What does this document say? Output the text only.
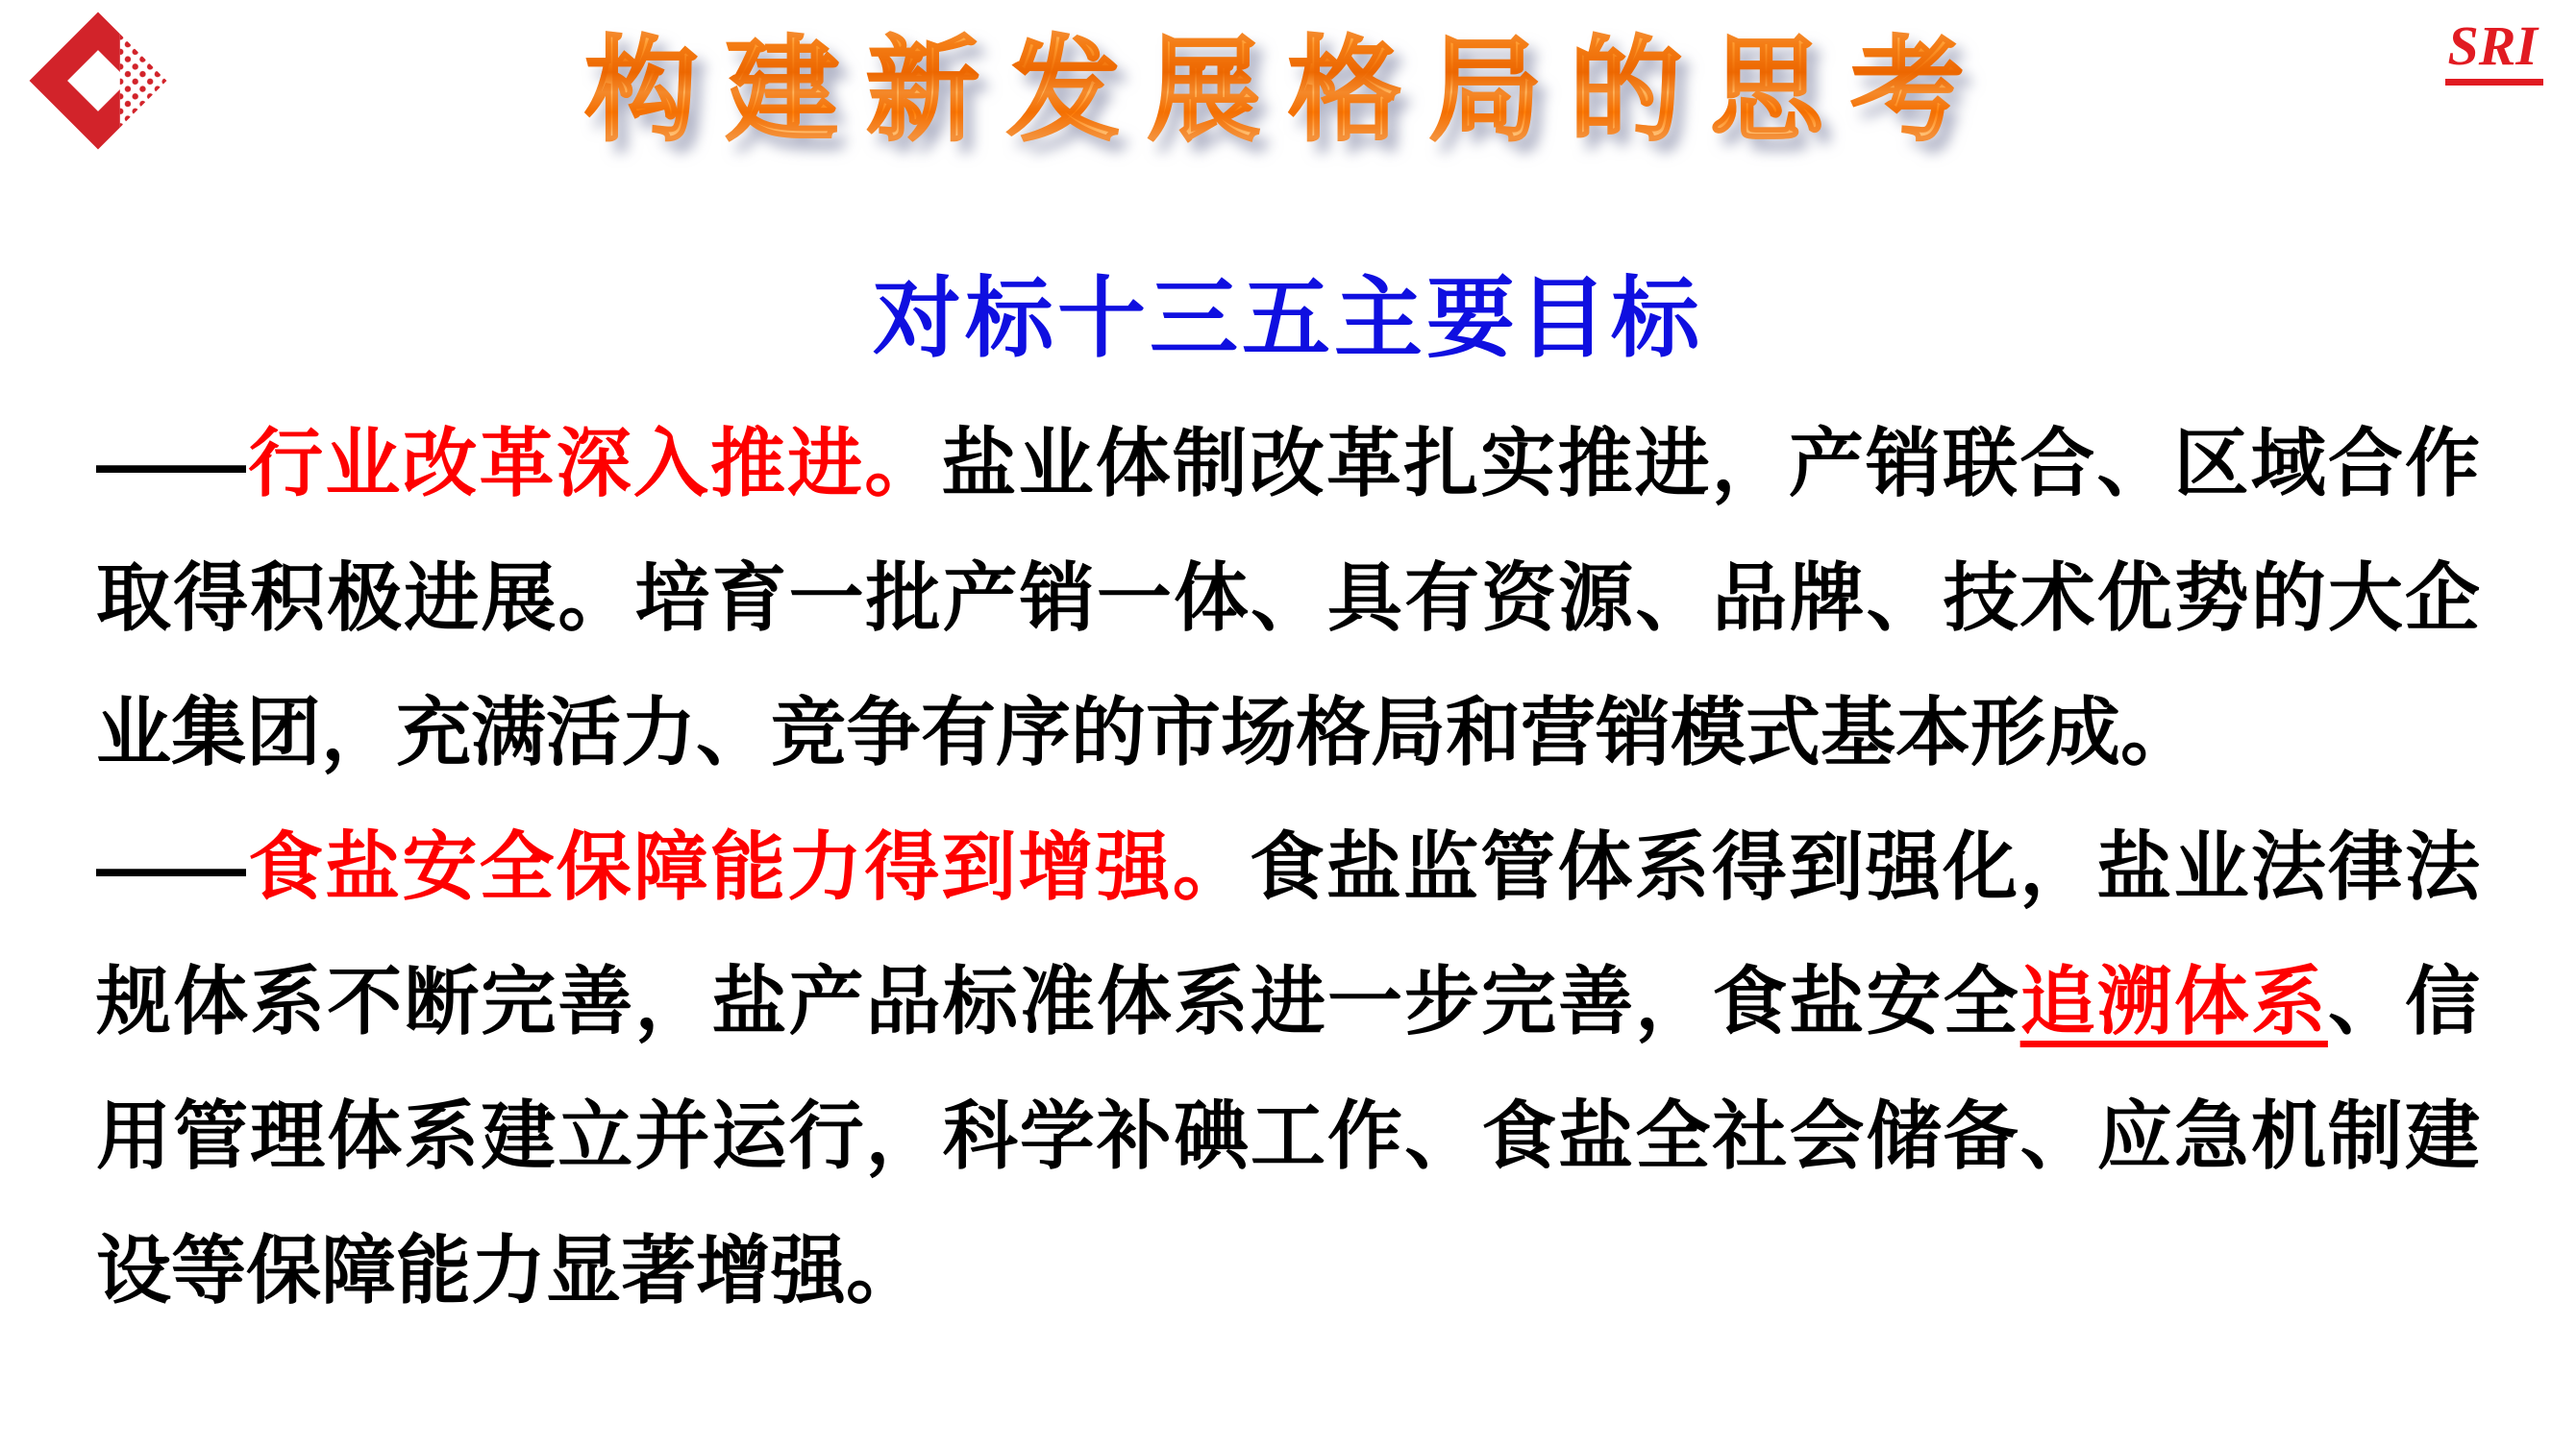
构建新发展格局的思考	SRI
对标十三五主要目标

——行业改革深入推进。盐业体制改革扎实推进，产销联合、区域合作取得积极进展。培育一批产销一体、具有资源、品牌、技术优势的大企业集团，充满活力、竞争有序的市场格局和营销模式基本形成。

——食盐安全保障能力得到增强。食盐监管体系得到强化，盐业法律法规体系不断完善，盐产品标准体系进一步完善，食盐安全追溯体系、信用管理体系建立并运行，科学补碘工作、食盐全社会储备、应急机制建设等保障能力显著增强。
